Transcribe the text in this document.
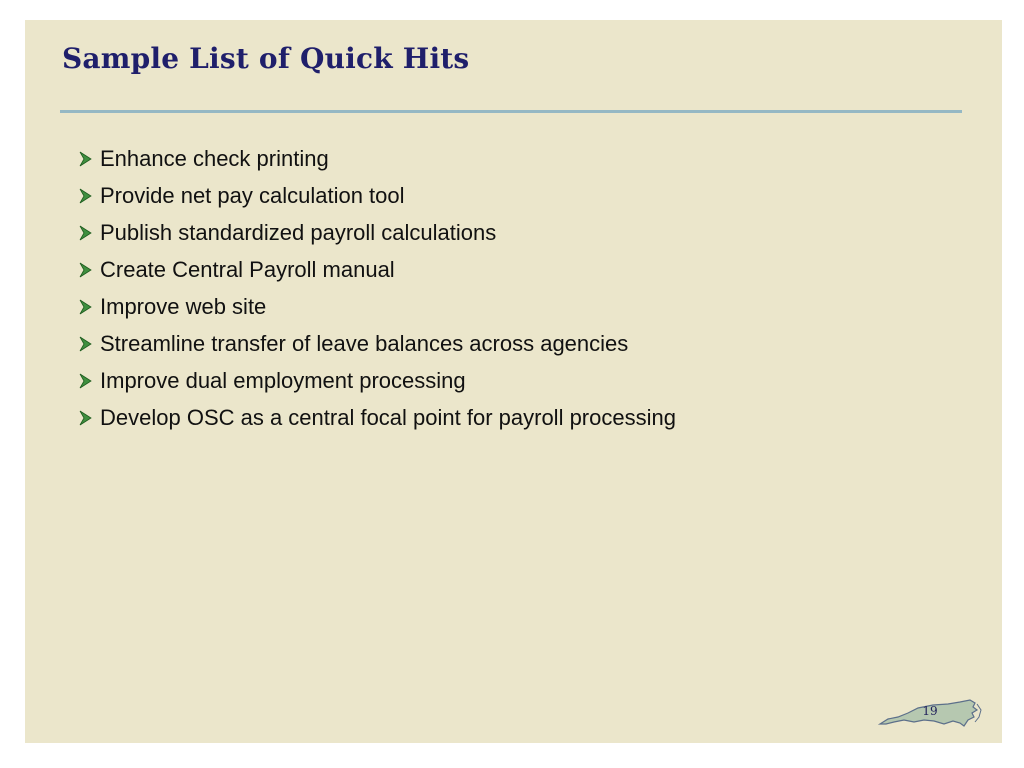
Sample List of Quick Hits
Enhance check printing
Provide net pay calculation tool
Publish standardized payroll calculations
Create Central Payroll manual
Improve web site
Streamline transfer of leave balances across agencies
Improve dual employment processing
Develop OSC as a central focal point for payroll processing
19
